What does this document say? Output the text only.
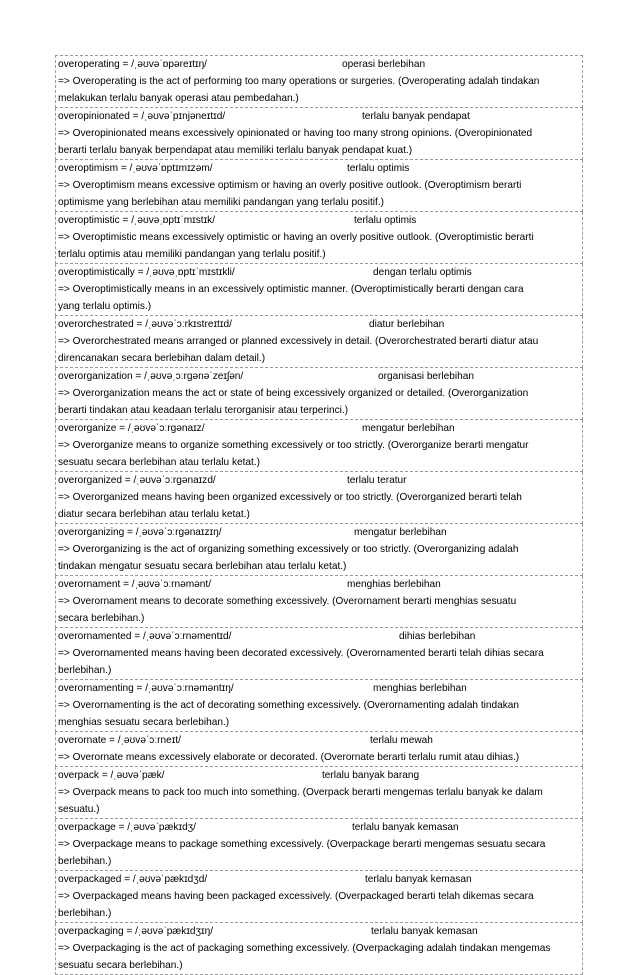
overoperating = /ˌəʊvəˈɒpəreɪtɪŋ/	operasi berlebihan

=> Overoperating is the act of performing too many operations or surgeries. (Overoperating adalah tindakan

melakukan terlalu banyak operasi atau pembedahan.)

overopinionated = /ˌəʊvəˈpɪnjəneɪtɪd/	terlalu banyak pendapat

=> Overopinionated means excessively opinionated or having too many strong opinions. (Overopinionated

berarti terlalu banyak berpendapat atau memiliki terlalu banyak pendapat kuat.)

overoptimism = /ˌəʊvəˈɒptɪmɪzəm/	terlalu optimis

=> Overoptimism means excessive optimism or having an overly positive outlook. (Overoptimism berarti

optimisme yang berlebihan atau memiliki pandangan yang terlalu positif.)

overoptimistic = /ˌəʊvəˌɒptɪˈmɪstɪk/	terlalu optimis

=> Overoptimistic means excessively optimistic or having an overly positive outlook. (Overoptimistic berarti

terlalu optimis atau memiliki pandangan yang terlalu positif.)

overoptimistically = /ˌəʊvəˌɒptɪˈmɪstɪkli/	dengan terlalu optimis

=> Overoptimistically means in an excessively optimistic manner. (Overoptimistically berarti dengan cara

yang terlalu optimis.)

overorchestrated = /ˌəʊvəˈɔːrkɪstreɪtɪd/	diatur berlebihan

=> Overorchestrated means arranged or planned excessively in detail. (Overorchestrated berarti diatur atau

direncanakan secara berlebihan dalam detail.)

overorganization = /ˌəʊvəˌɔːrɡənəˈzeɪʃən/	organisasi berlebihan

=> Overorganization means the act or state of being excessively organized or detailed. (Overorganization

berarti tindakan atau keadaan terlalu terorganisir atau terperinci.)

overorganize = /ˌəʊvəˈɔːrɡənaɪz/	mengatur berlebihan

=> Overorganize means to organize something excessively or too strictly. (Overorganize berarti mengatur

sesuatu secara berlebihan atau terlalu ketat.)

overorganized = /ˌəʊvəˈɔːrɡənaɪzd/	terlalu teratur

=> Overorganized means having been organized excessively or too strictly. (Overorganized berarti telah

diatur secara berlebihan atau terlalu ketat.)

overorganizing = /ˌəʊvəˈɔːrɡənaɪzɪŋ/	mengatur berlebihan

=> Overorganizing is the act of organizing something excessively or too strictly. (Overorganizing adalah

tindakan mengatur sesuatu secara berlebihan atau terlalu ketat.)

overornament = /ˌəʊvəˈɔːrnəmənt/	menghias berlebihan

=> Overornament means to decorate something excessively. (Overornament berarti menghias sesuatu

secara berlebihan.)

overornamented = /ˌəʊvəˈɔːrnəmentɪd/	dihias berlebihan

=> Overornamented means having been decorated excessively. (Overornamented berarti telah dihias secara

berlebihan.)

overornamenting = /ˌəʊvəˈɔːrnəməntɪŋ/	menghias berlebihan

=> Overornamenting is the act of decorating something excessively. (Overornamenting adalah tindakan

menghias sesuatu secara berlebihan.)

overornate = /ˌəʊvəˈɔːrneɪt/	terlalu mewah

=> Overornate means excessively elaborate or decorated. (Overornate berarti terlalu rumit atau dihias.)

overpack = /ˌəʊvəˈpæk/	terlalu banyak barang

=> Overpack means to pack too much into something. (Overpack berarti mengemas terlalu banyak ke dalam

sesuatu.)

overpackage = /ˌəʊvəˈpækɪdʒ/	terlalu banyak kemasan

=> Overpackage means to package something excessively. (Overpackage berarti mengemas sesuatu secara

berlebihan.)

overpackaged = /ˌəʊvəˈpækɪdʒd/	terlalu banyak kemasan

=> Overpackaged means having been packaged excessively. (Overpackaged berarti telah dikemas secara

berlebihan.)

overpackaging = /ˌəʊvəˈpækɪdʒɪŋ/	terlalu banyak kemasan

=> Overpackaging is the act of packaging something excessively. (Overpackaging adalah tindakan mengemas

sesuatu secara berlebihan.)
